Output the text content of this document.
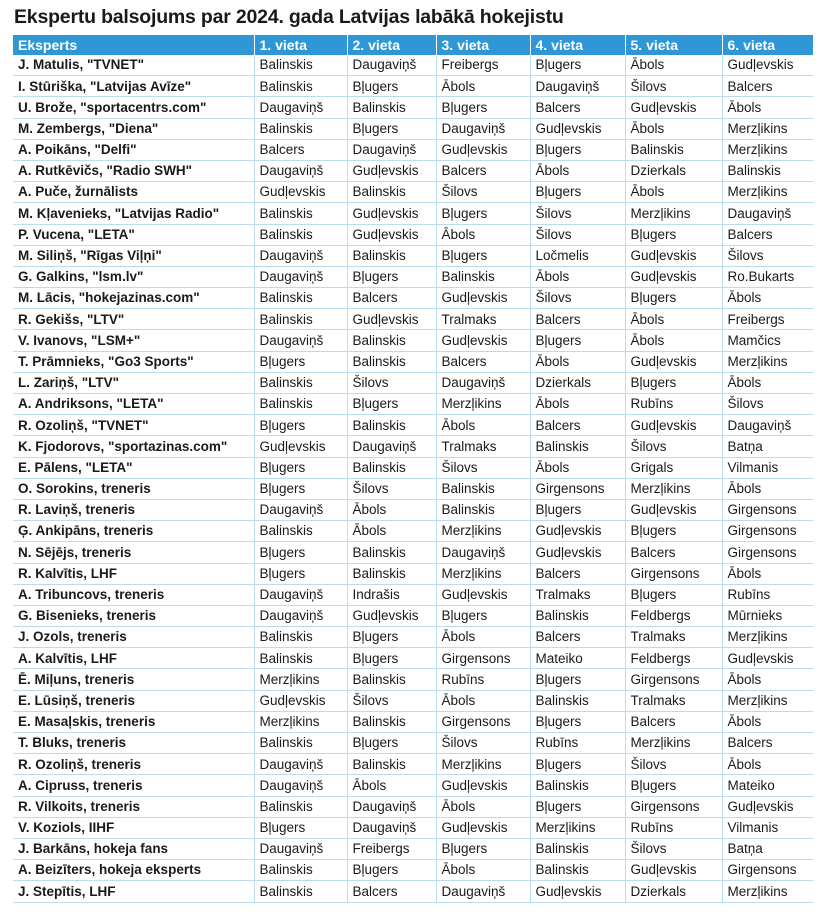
Ekspertu balsojums par 2024. gada Latvijas labākā hokejistu
Eksperts	1. vieta	2. vieta	3. vieta	4. vieta	5. vieta	6. vieta
J. Matulis, "TVNET"	Balinskis	Daugaviņš	Freibergs	Bļugers	Ābols	Gudļevskis
I. Stūriška, "Latvijas Avīze"	Balinskis	Bļugers	Ābols	Daugaviņš	Šilovs	Balcers
U. Brože, "sportacentrs.com"	Daugaviņš	Balinskis	Bļugers	Balcers	Gudļevskis	Ābols
M. Zembergs, "Diena"	Balinskis	Bļugers	Daugaviņš	Gudļevskis	Ābols	Merzļikins
A. Poikāns, "Delfi"	Balcers	Daugaviņš	Gudļevskis	Bļugers	Balinskis	Merzļikins
A. Rutkēvičs, "Radio SWH"	Daugaviņš	Gudļevskis	Balcers	Ābols	Dzierkals	Balinskis
A. Puče, žurnālists	Gudļevskis	Balinskis	Šilovs	Bļugers	Ābols	Merzļikins
M. Kļavenieks, "Latvijas Radio"	Balinskis	Gudļevskis	Bļugers	Šilovs	Merzļikins	Daugaviņš
P. Vucena, "LETA"	Balinskis	Gudļevskis	Ābols	Šilovs	Bļugers	Balcers
M. Siliņš, "Rīgas Viļņi"	Daugaviņš	Balinskis	Bļugers	Ločmelis	Gudļevskis	Šilovs
G. Galkins, "lsm.lv"	Daugaviņš	Bļugers	Balinskis	Ābols	Gudļevskis	Ro.Bukarts
M. Lācis, "hokejazinas.com"	Balinskis	Balcers	Gudļevskis	Šilovs	Bļugers	Ābols
R. Gekišs, "LTV"	Balinskis	Gudļevskis	Tralmaks	Balcers	Ābols	Freibergs
V. Ivanovs, "LSM+"	Daugaviņš	Balinskis	Gudļevskis	Bļugers	Ābols	Mamčics
T. Prāmnieks, "Go3 Sports"	Bļugers	Balinskis	Balcers	Ābols	Gudļevskis	Merzļikins
L. Zariņš, "LTV"	Balinskis	Šilovs	Daugaviņš	Dzierkals	Bļugers	Ābols
A. Andriksons, "LETA"	Balinskis	Bļugers	Merzļikins	Ābols	Rubīns	Šilovs
R. Ozoliņš, "TVNET"	Bļugers	Balinskis	Ābols	Balcers	Gudļevskis	Daugaviņš
K. Fjodorovs, "sportazinas.com"	Gudļevskis	Daugaviņš	Tralmaks	Balinskis	Šilovs	Batņa
E. Pālens, "LETA"	Bļugers	Balinskis	Šilovs	Ābols	Grigals	Vilmanis
O. Sorokins, treneris	Bļugers	Šilovs	Balinskis	Girgensons	Merzļikins	Ābols
R. Laviņš, treneris	Daugaviņš	Ābols	Balinskis	Bļugers	Gudļevskis	Girgensons
Ģ. Ankipāns, treneris	Balinskis	Ābols	Merzļikins	Gudļevskis	Bļugers	Girgensons
N. Sējējs, treneris	Bļugers	Balinskis	Daugaviņš	Gudļevskis	Balcers	Girgensons
R. Kalvītis, LHF	Bļugers	Balinskis	Merzļikins	Balcers	Girgensons	Ābols
A. Tribuncovs, treneris	Daugaviņš	Indrašis	Gudļevskis	Tralmaks	Bļugers	Rubīns
G. Bisenieks, treneris	Daugaviņš	Gudļevskis	Bļugers	Balinskis	Feldbergs	Mūrnieks
J. Ozols, treneris	Balinskis	Bļugers	Ābols	Balcers	Tralmaks	Merzļikins
A. Kalvītis, LHF	Balinskis	Bļugers	Girgensons	Mateiko	Feldbergs	Gudļevskis
Ē. Miļuns, treneris	Merzļikins	Balinskis	Rubīns	Bļugers	Girgensons	Ābols
E. Lūsiņš, treneris	Gudļevskis	Šilovs	Ābols	Balinskis	Tralmaks	Merzļikins
E. Masaļskis, treneris	Merzļikins	Balinskis	Girgensons	Bļugers	Balcers	Ābols
T. Bluks, treneris	Balinskis	Bļugers	Šilovs	Rubīns	Merzļikins	Balcers
R. Ozoliņš, treneris	Daugaviņš	Balinskis	Merzļikins	Bļugers	Šilovs	Ābols
A. Cipruss, treneris	Daugaviņš	Ābols	Gudļevskis	Balinskis	Bļugers	Mateiko
R. Vilkoits, treneris	Balinskis	Daugaviņš	Ābols	Bļugers	Girgensons	Gudļevskis
V. Koziols, IIHF	Bļugers	Daugaviņš	Gudļevskis	Merzļikins	Rubīns	Vilmanis
J. Barkāns, hokeja fans	Daugaviņš	Freibergs	Bļugers	Balinskis	Šilovs	Batņa
A. Beizīters, hokeja eksperts	Balinskis	Bļugers	Ābols	Balinskis	Gudļevskis	Girgensons
J. Stepītis, LHF	Balinskis	Balcers	Daugaviņš	Gudļevskis	Dzierkals	Merzļikins
